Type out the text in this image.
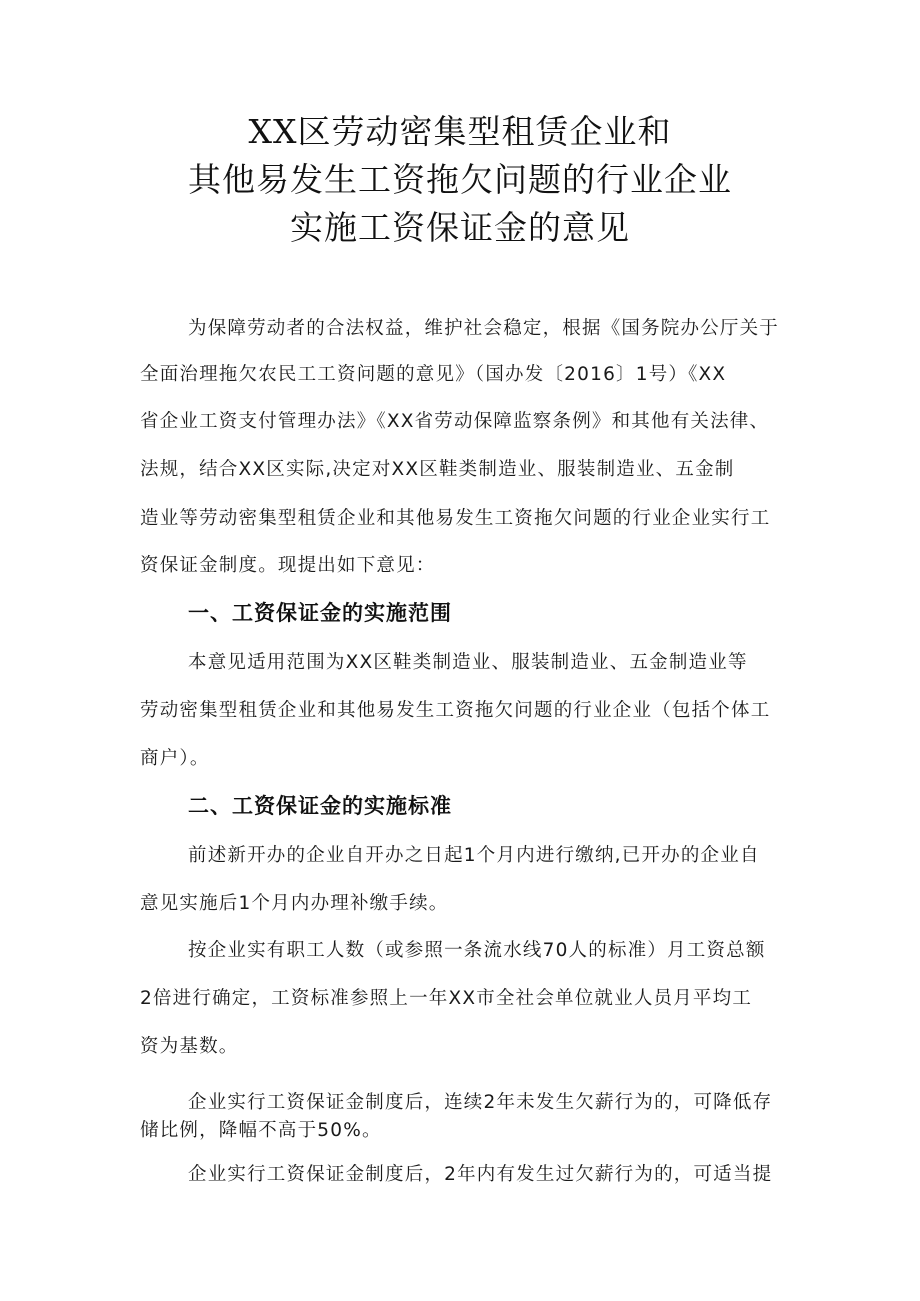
XX区劳动密集型租赁企业和
其他易发生工资拖欠问题的行业企业
实施工资保证金的意见
为保障劳动者的合法权益，维护社会稳定，根据《国务院办公厅关于
全面治理拖欠农民工工资问题的意见》（国办发〔2016〕1号）《XX
省企业工资支付管理办法》《XX省劳动保障监察条例》和其他有关法律、
法规，结合XX区实际,决定对XX区鞋类制造业、服装制造业、五金制
造业等劳动密集型租赁企业和其他易发生工资拖欠问题的行业企业实行工
资保证金制度。现提出如下意见：
一、工资保证金的实施范围
本意见适用范围为XX区鞋类制造业、服装制造业、五金制造业等
劳动密集型租赁企业和其他易发生工资拖欠问题的行业企业（包括个体工
商户）。
二、工资保证金的实施标准
前述新开办的企业自开办之日起1个月内进行缴纳,已开办的企业自
意见实施后1个月内办理补缴手续。
按企业实有职工人数（或参照一条流水线70人的标准）月工资总额
2倍进行确定，工资标准参照上一年XX市全社会单位就业人员月平均工
资为基数。
企业实行工资保证金制度后，连续2年未发生欠薪行为的，可降低存
储比例，降幅不高于50%。
企业实行工资保证金制度后，2年内有发生过欠薪行为的，可适当提
